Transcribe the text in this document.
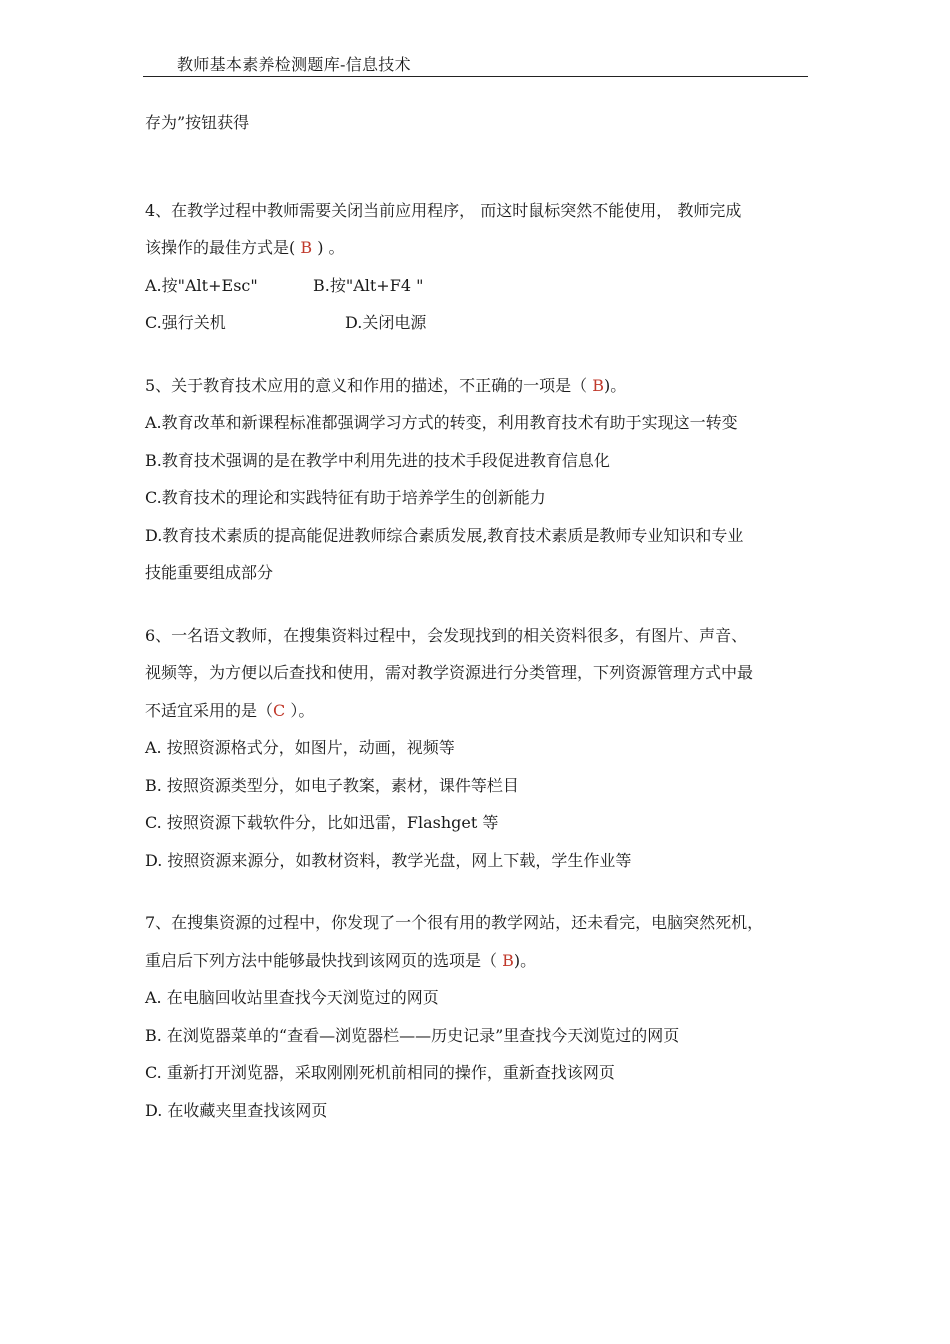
教师基本素养检测题库-信息技术
存为”按钮获得
4、在教学过程中教师需要关闭当前应用程序， 而这时鼠标突然不能使用， 教师完成
该操作的最佳方式是( B ) 。
A.按"Alt+Esc"	B.按"Alt+F4 "
C.强行关机	D.关闭电源
5、关于教育技术应用的意义和作用的描述，不正确的一项是（ B)。
A.教育改革和新课程标准都强调学习方式的转变，利用教育技术有助于实现这一转变
B.教育技术强调的是在教学中利用先进的技术手段促进教育信息化
C.教育技术的理论和实践特征有助于培养学生的创新能力
D.教育技术素质的提高能促进教师综合素质发展,教育技术素质是教师专业知识和专业
技能重要组成部分
6、一名语文教师，在搜集资料过程中，会发现找到的相关资料很多，有图片、声音、
视频等，为方便以后查找和使用，需对教学资源进行分类管理，下列资源管理方式中最
不适宜采用的是（C ）。
A. 按照资源格式分，如图片，动画，视频等
B. 按照资源类型分，如电子教案，素材，课件等栏目
C. 按照资源下载软件分，比如迅雷，Flashget 等
D. 按照资源来源分，如教材资料，教学光盘，网上下载，学生作业等
7、在搜集资源的过程中，你发现了一个很有用的教学网站，还未看完，电脑突然死机，
重启后下列方法中能够最快找到该网页的选项是（ B)。
A. 在电脑回收站里查找今天浏览过的网页
B. 在浏览器菜单的“查看—浏览器栏——历史记录”里查找今天浏览过的网页
C. 重新打开浏览器，采取刚刚死机前相同的操作，重新查找该网页
D. 在收藏夹里查找该网页
